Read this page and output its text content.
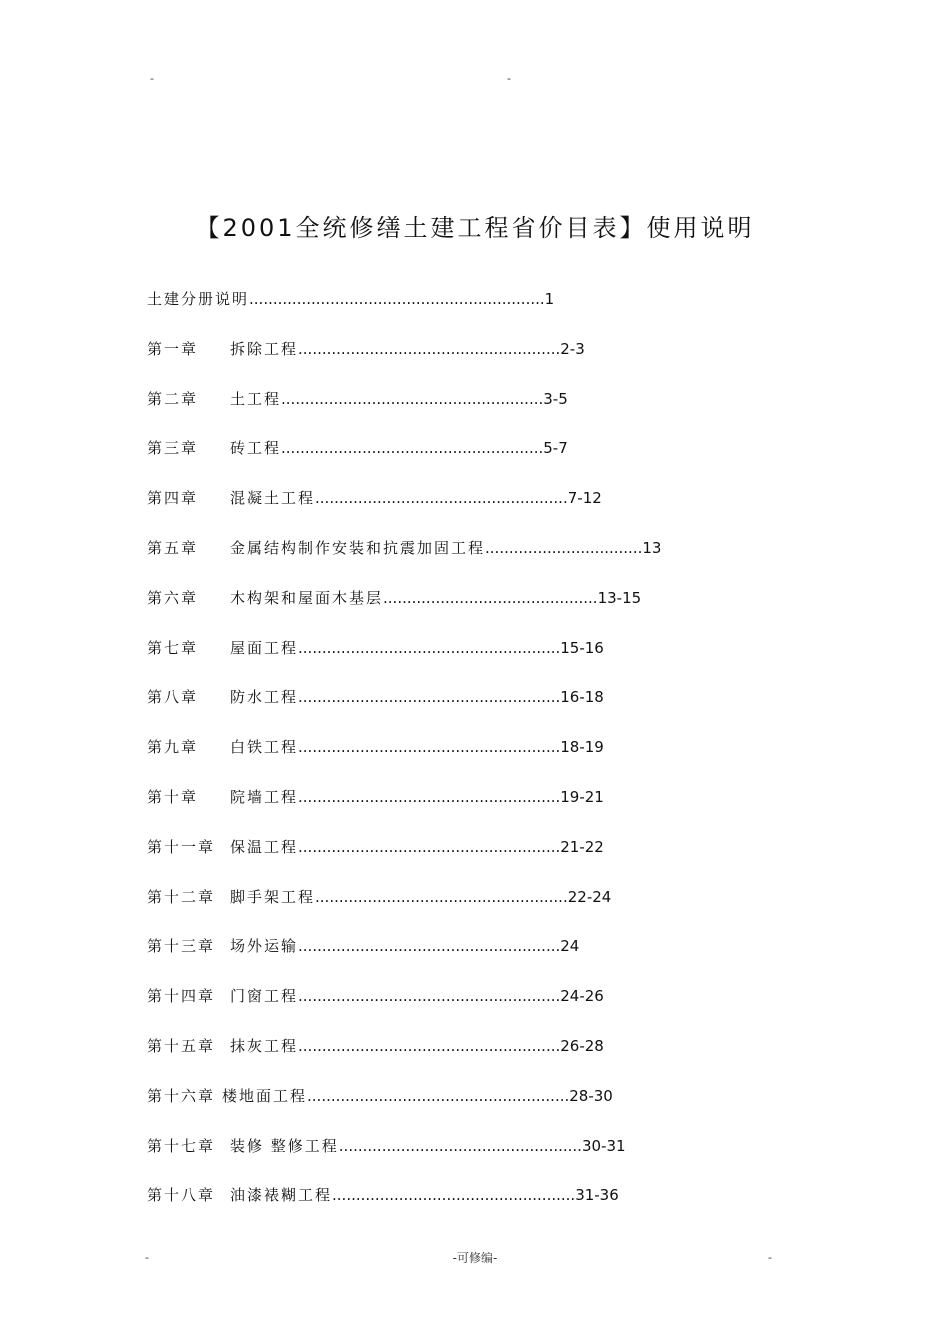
-	-
【2001全统修缮土建工程省价目表】使用说明
土建分册说明..............................................................1
第一章 拆除工程.......................................................2-3
第二章 土工程.......................................................3-5
第三章 砖工程.......................................................5-7
第四章 混凝土工程.....................................................7-12
第五章 金属结构制作安装和抗震加固工程.................................13
第六章 木构架和屋面木基层.............................................13-15
第七章 屋面工程.......................................................15-16
第八章 防水工程.......................................................16-18
第九章 白铁工程.......................................................18-19
第十章 院墙工程.......................................................19-21
第十一章 保温工程.......................................................21-22
第十二章 脚手架工程.....................................................22-24
第十三章 场外运输.......................................................24
第十四章 门窗工程.......................................................24-26
第十五章 抹灰工程.......................................................26-28
第十六章 楼地面工程.......................................................28-30
第十七章 装修 整修工程...................................................30-31
第十八章 油漆裱糊工程...................................................31-36
-	-可修编-	-
